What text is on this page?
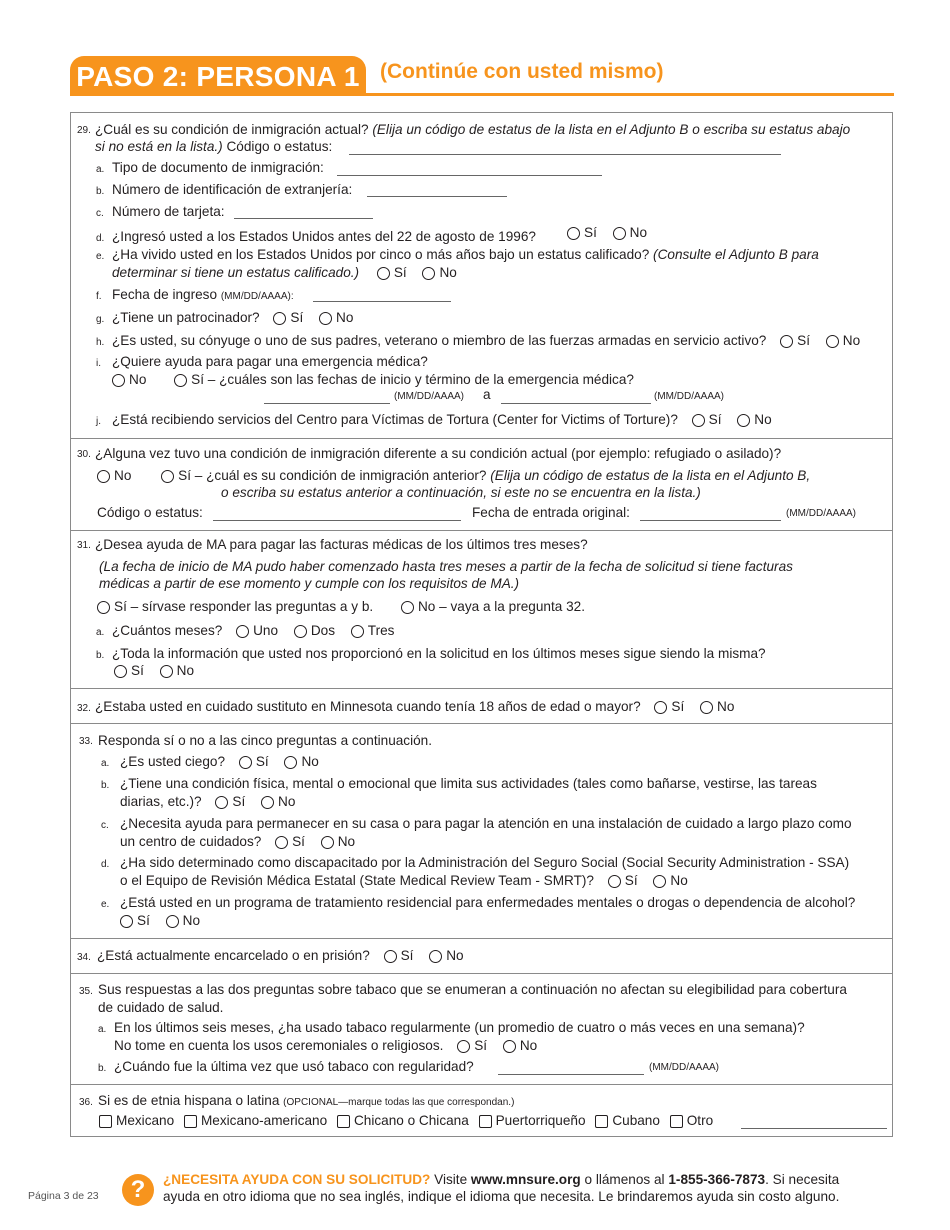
PASO 2: PERSONA 1 (Continúe con usted mismo)
29. ¿Cuál es su condición de inmigración actual? (Elija un código de estatus de la lista en el Adjunto B o escriba su estatus abajo
si no está en la lista.) Código o estatus:
a. Tipo de documento de inmigración:
b. Número de identificación de extranjería:
c. Número de tarjeta:
d. ¿Ingresó usted a los Estados Unidos antes del 22 de agosto de 1996?	Sí No
e. ¿Ha vivido usted en los Estados Unidos por cinco o más años bajo un estatus calificado? (Consulte el Adjunto B para
determinar si tiene un estatus calificado.)	Sí No
f. Fecha de ingreso (MM/DD/AAAA):
g. ¿Tiene un patrocinador? Sí No
h. ¿Es usted, su cónyuge o uno de sus padres, veterano o miembro de las fuerzas armadas en servicio activo? Sí No
i. ¿Quiere ayuda para pagar una emergencia médica?
No	Sí – ¿cuáles son las fechas de inicio y término de la emergencia médica?
(MM/DD/AAAA) a	(MM/DD/AAAA)
j. ¿Está recibiendo servicios del Centro para Víctimas de Tortura (Center for Victims of Torture)? Sí No
30. ¿Alguna vez tuvo una condición de inmigración diferente a su condición actual (por ejemplo: refugiado o asilado)?
No	Sí – ¿cuál es su condición de inmigración anterior? (Elija un código de estatus de la lista en el Adjunto B,
o escriba su estatus anterior a continuación, si este no se encuentra en la lista.)
Código o estatus:	Fecha de entrada original:	(MM/DD/AAAA)
31. ¿Desea ayuda de MA para pagar las facturas médicas de los últimos tres meses?
(La fecha de inicio de MA pudo haber comenzado hasta tres meses a partir de la fecha de solicitud si tiene facturas
médicas a partir de ese momento y cumple con los requisitos de MA.)
Sí – sírvase responder las preguntas a y b.	No – vaya a la pregunta 32.
a. ¿Cuántos meses? Uno Dos Tres
b. ¿Toda la información que usted nos proporcionó en la solicitud en los últimos meses sigue siendo la misma?
Sí No
32. ¿Estaba usted en cuidado sustituto en Minnesota cuando tenía 18 años de edad o mayor? Sí No
33. Responda sí o no a las cinco preguntas a continuación.
a. ¿Es usted ciego? Sí No
b. ¿Tiene una condición física, mental o emocional que limita sus actividades (tales como bañarse, vestirse, las tareas
diarias, etc.)? Sí No
c. ¿Necesita ayuda para permanecer en su casa o para pagar la atención en una instalación de cuidado a largo plazo como
un centro de cuidados? Sí No
d. ¿Ha sido determinado como discapacitado por la Administración del Seguro Social (Social Security Administration - SSA)
o el Equipo de Revisión Médica Estatal (State Medical Review Team - SMRT)? Sí No
e. ¿Está usted en un programa de tratamiento residencial para enfermedades mentales o drogas o dependencia de alcohol?
Sí No
34. ¿Está actualmente encarcelado o en prisión? Sí No
35. Sus respuestas a las dos preguntas sobre tabaco que se enumeran a continuación no afectan su elegibilidad para cobertura
de cuidado de salud.
a. En los últimos seis meses, ¿ha usado tabaco regularmente (un promedio de cuatro o más veces en una semana)?
No tome en cuenta los usos ceremoniales o religiosos. Sí No
b. ¿Cuándo fue la última vez que usó tabaco con regularidad?	(MM/DD/AAAA)
36. Si es de etnia hispana o latina (OPCIONAL—marque todas las que correspondan.)
Mexicano Mexicano-americano Chicano o Chicana Puertorriqueño Cubano Otro
Página 3 de 23	?	¿NECESITA AYUDA CON SU SOLICITUD? Visite www.mnsure.org o llámenos al 1-855-366-7873. Si necesita
ayuda en otro idioma que no sea inglés, indique el idioma que necesita. Le brindaremos ayuda sin costo alguno.
